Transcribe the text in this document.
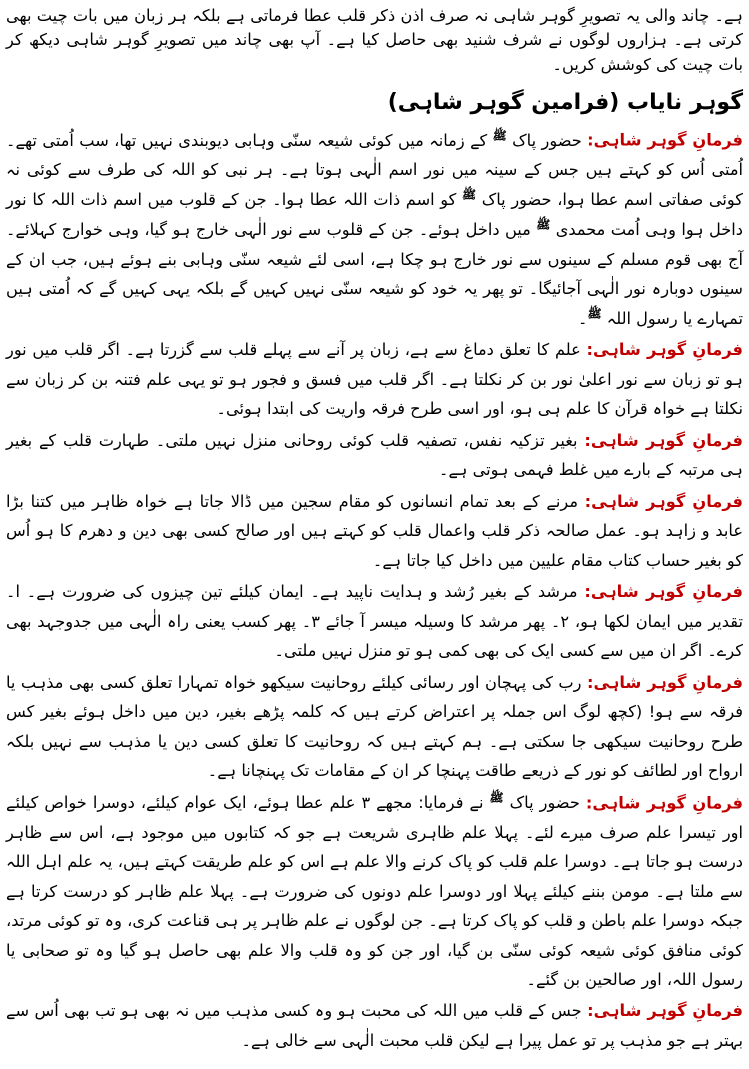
ہے۔ چاند والی یہ تصویرِ گوہر شاہی نہ صرف اذن ذکر قلب عطا فرماتی ہے بلکہ ہر زبان میں بات چیت بھی کرتی ہے۔ ہزاروں لوگوں نے شرف شنید بھی حاصل کیا ہے۔ آپ بھی چاند میں تصویرِ گوہر شاہی دیکھ کر بات چیت کی کوشش کریں۔

گوہر نایاب (فرامین گوہر شاہی)

فرمانِ گوہر شاہی: حضور پاک $^ﷺ$ کے زمانہ میں کوئی شیعہ سنّی وہابی دیوبندی نہیں تھا، سب اُمتی تھے۔ اُمتی اُس کو کہتے ہیں جس کے سینہ میں نور اسم الٰہی ہوتا ہے۔ ہر نبی کو اللہ کی طرف سے کوئی نہ کوئی صفاتی اسم عطا ہوا، حضور پاک $^ﷺ$ کو اسم ذات اللہ عطا ہوا۔ جن کے قلوب میں اسم ذات اللہ کا نور داخل ہوا وہی اُمت محمدی $^ﷺ$ میں داخل ہوئے۔ جن کے قلوب سے نور الٰہی خارج ہو گیا، وہی خوارج کہلائے۔ آج بھی قوم مسلم کے سینوں سے نور خارج ہو چکا ہے، اسی لئے شیعہ سنّی وہابی بنے ہوئے ہیں، جب ان کے سینوں دوبارہ نور الٰہی آجائیگا۔ تو پھر یہ خود کو شیعہ سنّی نہیں کہیں گے بلکہ یہی کہیں گے کہ اُمتی ہیں تمہارے یا رسول اللہ $^ﷺ$۔

فرمانِ گوہر شاہی: علم کا تعلق دماغ سے ہے، زبان پر آنے سے پہلے قلب سے گزرتا ہے۔ اگر قلب میں نور ہو تو زبان سے نور اعلیٰ نور بن کر نکلتا ہے۔ اگر قلب میں فسق و فجور ہو تو یہی علم فتنہ بن کر زبان سے نکلتا ہے خواہ قرآن کا علم ہی ہو، اور اسی طرح فرقہ واریت کی ابتدا ہوئی۔

فرمانِ گوہر شاہی: بغیر تزکیہ نفس، تصفیہ قلب کوئی روحانی منزل نہیں ملتی۔ طہارت قلب کے بغیر ہی مرتبہ کے بارے میں غلط فہمی ہوتی ہے۔

فرمانِ گوہر شاہی: مرنے کے بعد تمام انسانوں کو مقام سجین میں ڈالا جاتا ہے خواہ ظاہر میں کتنا بڑا عابد و زاہد ہو۔ عمل صالحہ ذکر قلب واعمال قلب کو کہتے ہیں اور صالح کسی بھی دین و دھرم کا ہو اُس کو بغیر حساب کتاب مقام علیین میں داخل کیا جاتا ہے۔

فرمانِ گوہر شاہی: مرشد کے بغیر رُشد و ہدایت ناپید ہے۔ ایمان کیلئے تین چیزوں کی ضرورت ہے۔ ا۔ تقدیر میں ایمان لکھا ہو، ۲۔ پھر مرشد کا وسیلہ میسر آ جائے ۳۔ پھر کسب یعنی راہ الٰہی میں جدوجہد بھی کرے۔ اگر ان میں سے کسی ایک کی بھی کمی ہو تو منزل نہیں ملتی۔

فرمانِ گوہر شاہی: رب کی پہچان اور رسائی کیلئے روحانیت سیکھو خواہ تمہارا تعلق کسی بھی مذہب یا فرقہ سے ہو! (کچھ لوگ اس جملہ پر اعتراض کرتے ہیں کہ کلمہ پڑھے بغیر، دین میں داخل ہوئے بغیر کس طرح روحانیت سیکھی جا سکتی ہے۔ ہم کہتے ہیں کہ روحانیت کا تعلق کسی دین یا مذہب سے نہیں بلکہ ارواح اور لطائف کو نور کے ذریعے طاقت پہنچا کر ان کے مقامات تک پہنچانا ہے۔

فرمانِ گوہر شاہی: حضور پاک $^ﷺ$ نے فرمایا: مجھے ۳ علم عطا ہوئے، ایک عوام کیلئے، دوسرا خواص کیلئے اور تیسرا علم صرف میرے لئے۔ پہلا علم ظاہری شریعت ہے جو کہ کتابوں میں موجود ہے، اس سے ظاہر درست ہو جاتا ہے۔ دوسرا علم قلب کو پاک کرنے والا علم ہے اس کو علم طریقت کہتے ہیں، یہ علم اہل اللہ سے ملتا ہے۔ مومن بننے کیلئے پہلا اور دوسرا علم دونوں کی ضرورت ہے۔ پہلا علم ظاہر کو درست کرتا ہے جبکہ دوسرا علم باطن و قلب کو پاک کرتا ہے۔ جن لوگوں نے علم ظاہر پر ہی قناعت کری، وہ تو کوئی مرتد، کوئی منافق کوئی شیعہ کوئی سنّی بن گیا، اور جن کو وہ قلب والا علم بھی حاصل ہو گیا وہ تو صحابی یا رسول اللہ، اور صالحین بن گئے۔

فرمانِ گوہر شاہی: جس کے قلب میں اللہ کی محبت ہو وہ کسی مذہب میں نہ بھی ہو تب بھی اُس سے بہتر ہے جو مذہب پر تو عمل پیرا ہے لیکن قلب محبت الٰہی سے خالی ہے۔
